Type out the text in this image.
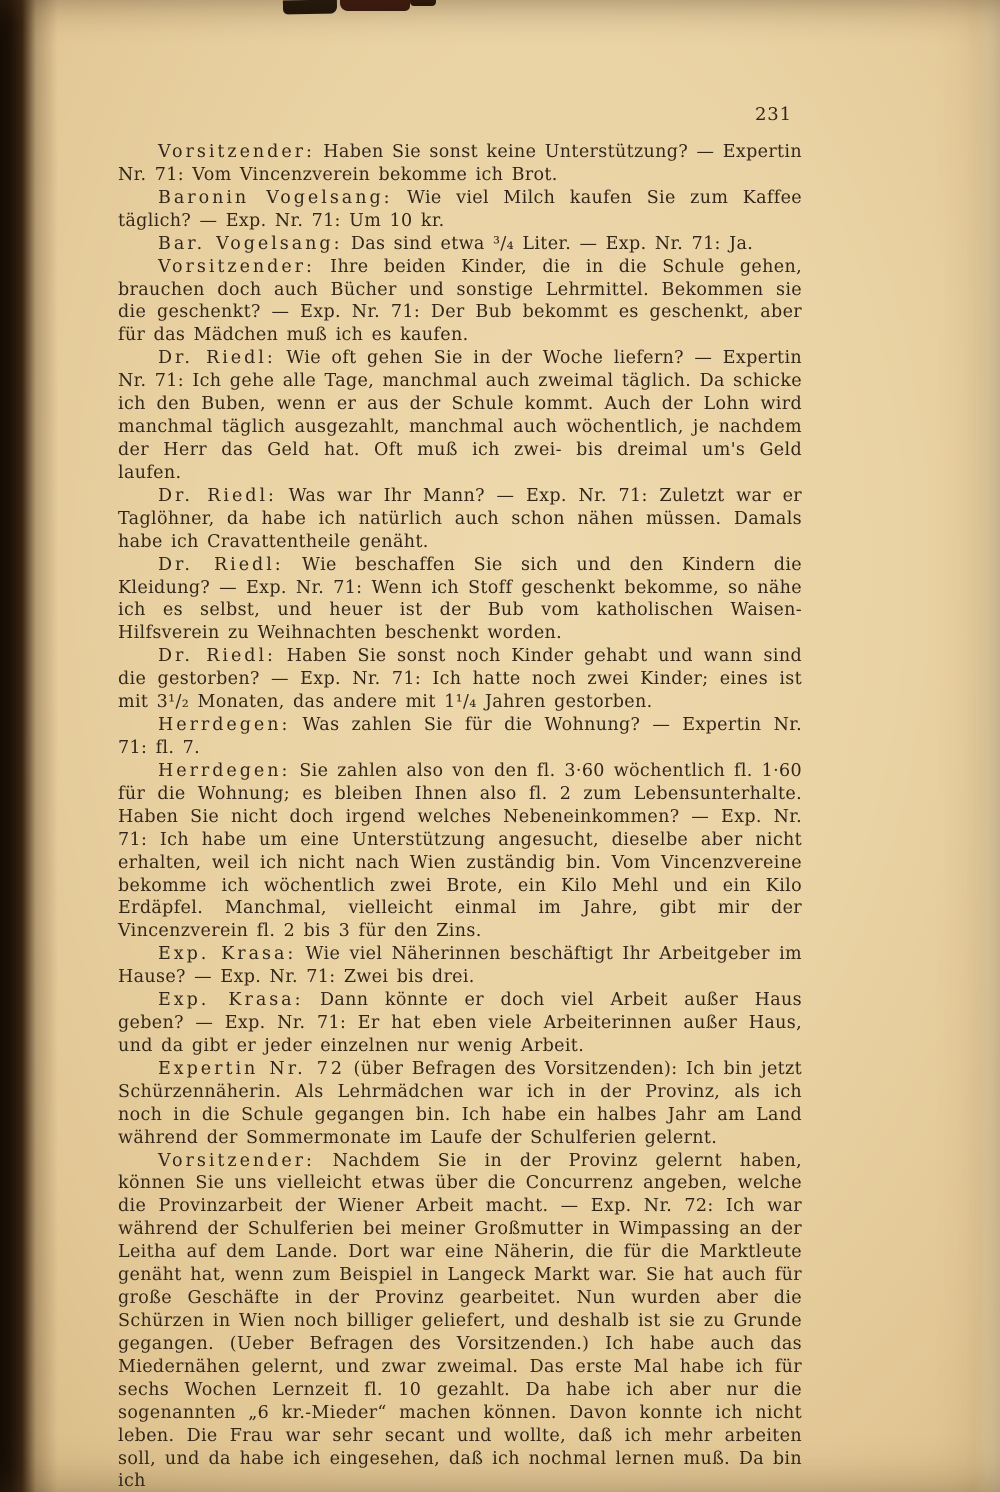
231

Vorsitzender: Haben Sie sonst keine Unterstützung? — Expertin Nr. 71: Vom Vincenzverein bekomme ich Brot.

Baronin Vogelsang: Wie viel Milch kaufen Sie zum Kaffee täglich? — Exp. Nr. 71: Um 10 kr.

Bar. Vogelsang: Das sind etwa ³/₄ Liter. — Exp. Nr. 71: Ja.

Vorsitzender: Ihre beiden Kinder, die in die Schule gehen, brauchen doch auch Bücher und sonstige Lehrmittel. Bekommen sie die geschenkt? — Exp. Nr. 71: Der Bub bekommt es geschenkt, aber für das Mädchen muß ich es kaufen.

Dr. Riedl: Wie oft gehen Sie in der Woche liefern? — Expertin Nr. 71: Ich gehe alle Tage, manchmal auch zweimal täglich. Da schicke ich den Buben, wenn er aus der Schule kommt. Auch der Lohn wird manchmal täglich ausgezahlt, manchmal auch wöchentlich, je nachdem der Herr das Geld hat. Oft muß ich zwei- bis dreimal um's Geld laufen.

Dr. Riedl: Was war Ihr Mann? — Exp. Nr. 71: Zuletzt war er Taglöhner, da habe ich natürlich auch schon nähen müssen. Damals habe ich Cravattentheile genäht.

Dr. Riedl: Wie beschaffen Sie sich und den Kindern die Kleidung? — Exp. Nr. 71: Wenn ich Stoff geschenkt bekomme, so nähe ich es selbst, und heuer ist der Bub vom katholischen Waisen-Hilfsverein zu Weihnachten beschenkt worden.

Dr. Riedl: Haben Sie sonst noch Kinder gehabt und wann sind die gestorben? — Exp. Nr. 71: Ich hatte noch zwei Kinder; eines ist mit 3¹/₂ Monaten, das andere mit 1¹/₄ Jahren gestorben.

Herrdegen: Was zahlen Sie für die Wohnung? — Expertin Nr. 71: fl. 7.

Herrdegen: Sie zahlen also von den fl. 3·60 wöchentlich fl. 1·60 für die Wohnung; es bleiben Ihnen also fl. 2 zum Lebensunterhalte. Haben Sie nicht doch irgend welches Nebeneinkommen? — Exp. Nr. 71: Ich habe um eine Unterstützung angesucht, dieselbe aber nicht erhalten, weil ich nicht nach Wien zuständig bin. Vom Vincenzvereine bekomme ich wöchentlich zwei Brote, ein Kilo Mehl und ein Kilo Erdäpfel. Manchmal, vielleicht einmal im Jahre, gibt mir der Vincenzverein fl. 2 bis 3 für den Zins.

Exp. Krasa: Wie viel Näherinnen beschäftigt Ihr Arbeitgeber im Hause? — Exp. Nr. 71: Zwei bis drei.

Exp. Krasa: Dann könnte er doch viel Arbeit außer Haus geben? — Exp. Nr. 71: Er hat eben viele Arbeiterinnen außer Haus, und da gibt er jeder einzelnen nur wenig Arbeit.

Expertin Nr. 72 (über Befragen des Vorsitzenden): Ich bin jetzt Schürzennäherin. Als Lehrmädchen war ich in der Provinz, als ich noch in die Schule gegangen bin. Ich habe ein halbes Jahr am Land während der Sommermonate im Laufe der Schulferien gelernt.

Vorsitzender: Nachdem Sie in der Provinz gelernt haben, können Sie uns vielleicht etwas über die Concurrenz angeben, welche die Provinzarbeit der Wiener Arbeit macht. — Exp. Nr. 72: Ich war während der Schulferien bei meiner Großmutter in Wimpassing an der Leitha auf dem Lande. Dort war eine Näherin, die für die Marktleute genäht hat, wenn zum Beispiel in Langeck Markt war. Sie hat auch für große Geschäfte in der Provinz gearbeitet. Nun wurden aber die Schürzen in Wien noch billiger geliefert, und deshalb ist sie zu Grunde gegangen. (Ueber Befragen des Vorsitzenden.) Ich habe auch das Miedernähen gelernt, und zwar zweimal. Das erste Mal habe ich für sechs Wochen Lernzeit fl. 10 gezahlt. Da habe ich aber nur die sogenannten „6 kr.-Mieder“ machen können. Davon konnte ich nicht leben. Die Frau war sehr secant und wollte, daß ich mehr arbeiten soll, und da habe ich eingesehen, daß ich nochmal lernen muß. Da bin ich
